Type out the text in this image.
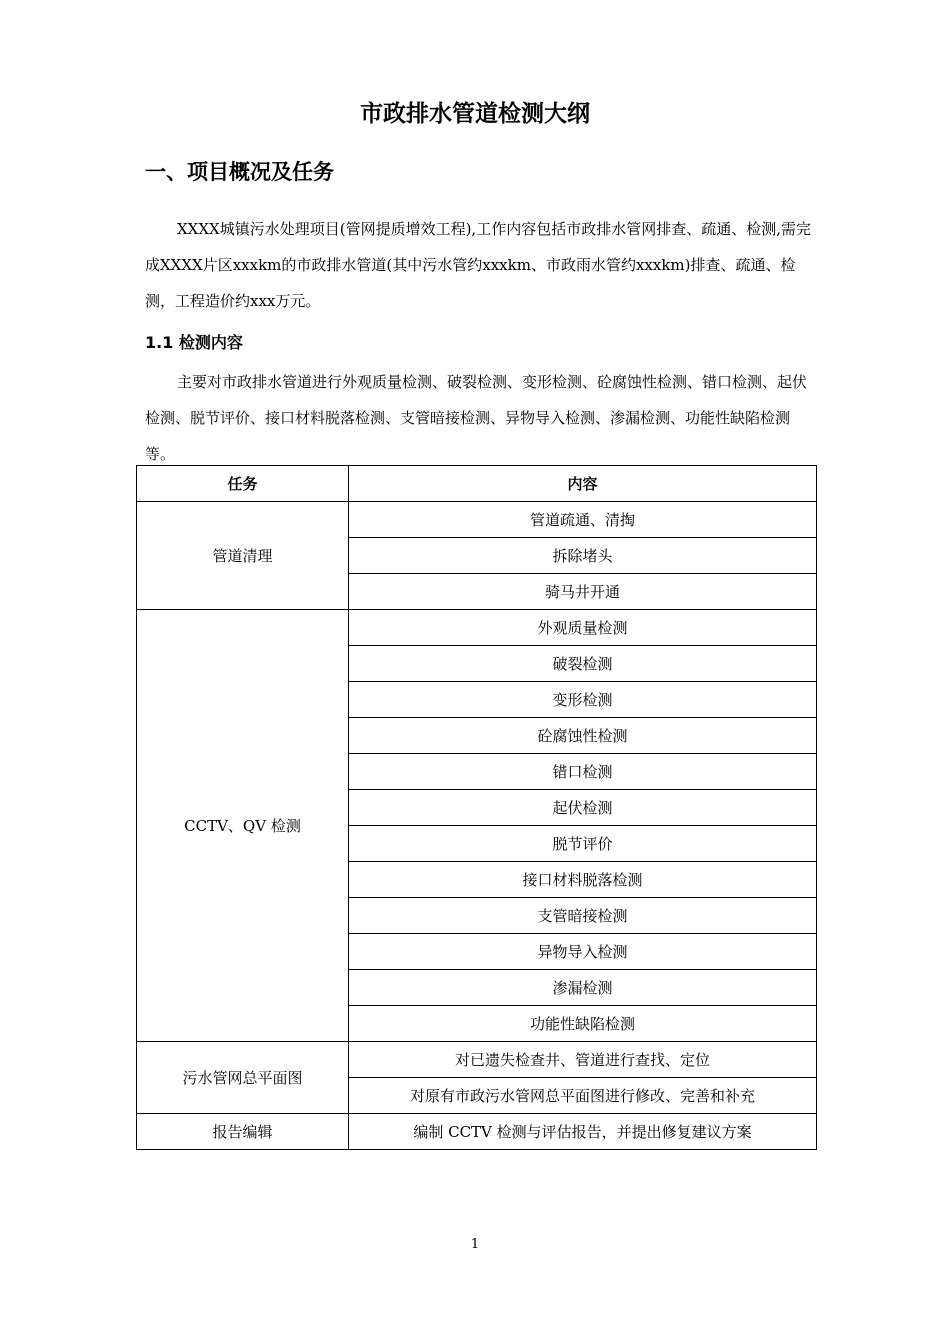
市政排水管道检测大纲
一、项目概况及任务

XXXX城镇污水处理项目(管网提质增效工程),工作内容包括市政排水管网排查、疏通、检测,需完成XXXX片区xxxkm的市政排水管道(其中污水管约xxxkm、市政雨水管约xxxkm)排查、疏通、检测，工程造价约xxx万元。

1.1 检测内容

主要对市政排水管道进行外观质量检测、破裂检测、变形检测、砼腐蚀性检测、错口检测、起伏检测、脱节评价、接口材料脱落检测、支管暗接检测、异物导入检测、渗漏检测、功能性缺陷检测等。

任务	内容
管道清理	管道疏通、清掏
	拆除堵头
	骑马井开通
CCTV、QV 检测	外观质量检测
	破裂检测
	变形检测
	砼腐蚀性检测
	错口检测
	起伏检测
	脱节评价
	接口材料脱落检测
	支管暗接检测
	异物导入检测
	渗漏检测
	功能性缺陷检测
污水管网总平面图	对已遗失检查井、管道进行查找、定位
	对原有市政污水管网总平面图进行修改、完善和补充
报告编辑	编制 CCTV 检测与评估报告，并提出修复建议方案
1
